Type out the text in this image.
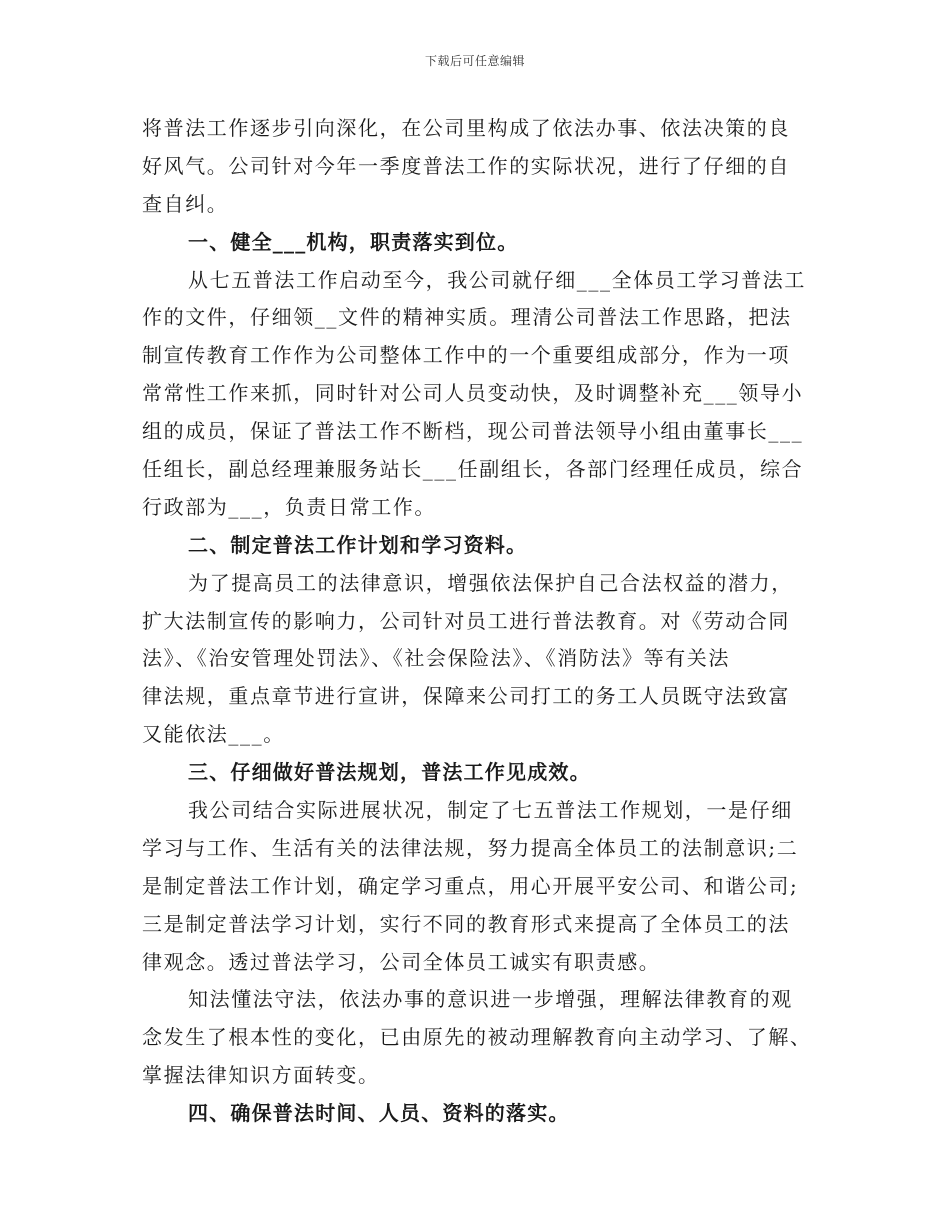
下载后可任意编辑
将普法工作逐步引向深化，在公司里构成了依法办事、依法决策的良
好风气。公司针对今年一季度普法工作的实际状况，进行了仔细的自
查自纠。
一、健全___机构，职责落实到位。
从七五普法工作启动至今，我公司就仔细___全体员工学习普法工
作的文件，仔细领__文件的精神实质。理清公司普法工作思路，把法
制宣传教育工作作为公司整体工作中的一个重要组成部分，作为一项
常常性工作来抓，同时针对公司人员变动快，及时调整补充___领导小
组的成员，保证了普法工作不断档，现公司普法领导小组由董事长___
任组长，副总经理兼服务站长___任副组长，各部门经理任成员，综合
行政部为___，负责日常工作。
二、制定普法工作计划和学习资料。
为了提高员工的法律意识，增强依法保护自己合法权益的潜力，
扩大法制宣传的影响力，公司针对员工进行普法教育。对《劳动合同
法》、《治安管理处罚法》、《社会保险法》、《消防法》等有关法
律法规，重点章节进行宣讲，保障来公司打工的务工人员既守法致富
又能依法___。
三、仔细做好普法规划，普法工作见成效。
我公司结合实际进展状况，制定了七五普法工作规划，一是仔细
学习与工作、生活有关的法律法规，努力提高全体员工的法制意识;二
是制定普法工作计划，确定学习重点，用心开展平安公司、和谐公司;
三是制定普法学习计划，实行不同的教育形式来提高了全体员工的法
律观念。透过普法学习，公司全体员工诚实有职责感。
知法懂法守法，依法办事的意识进一步增强，理解法律教育的观
念发生了根本性的变化，已由原先的被动理解教育向主动学习、了解、
掌握法律知识方面转变。
四、确保普法时间、人员、资料的落实。
